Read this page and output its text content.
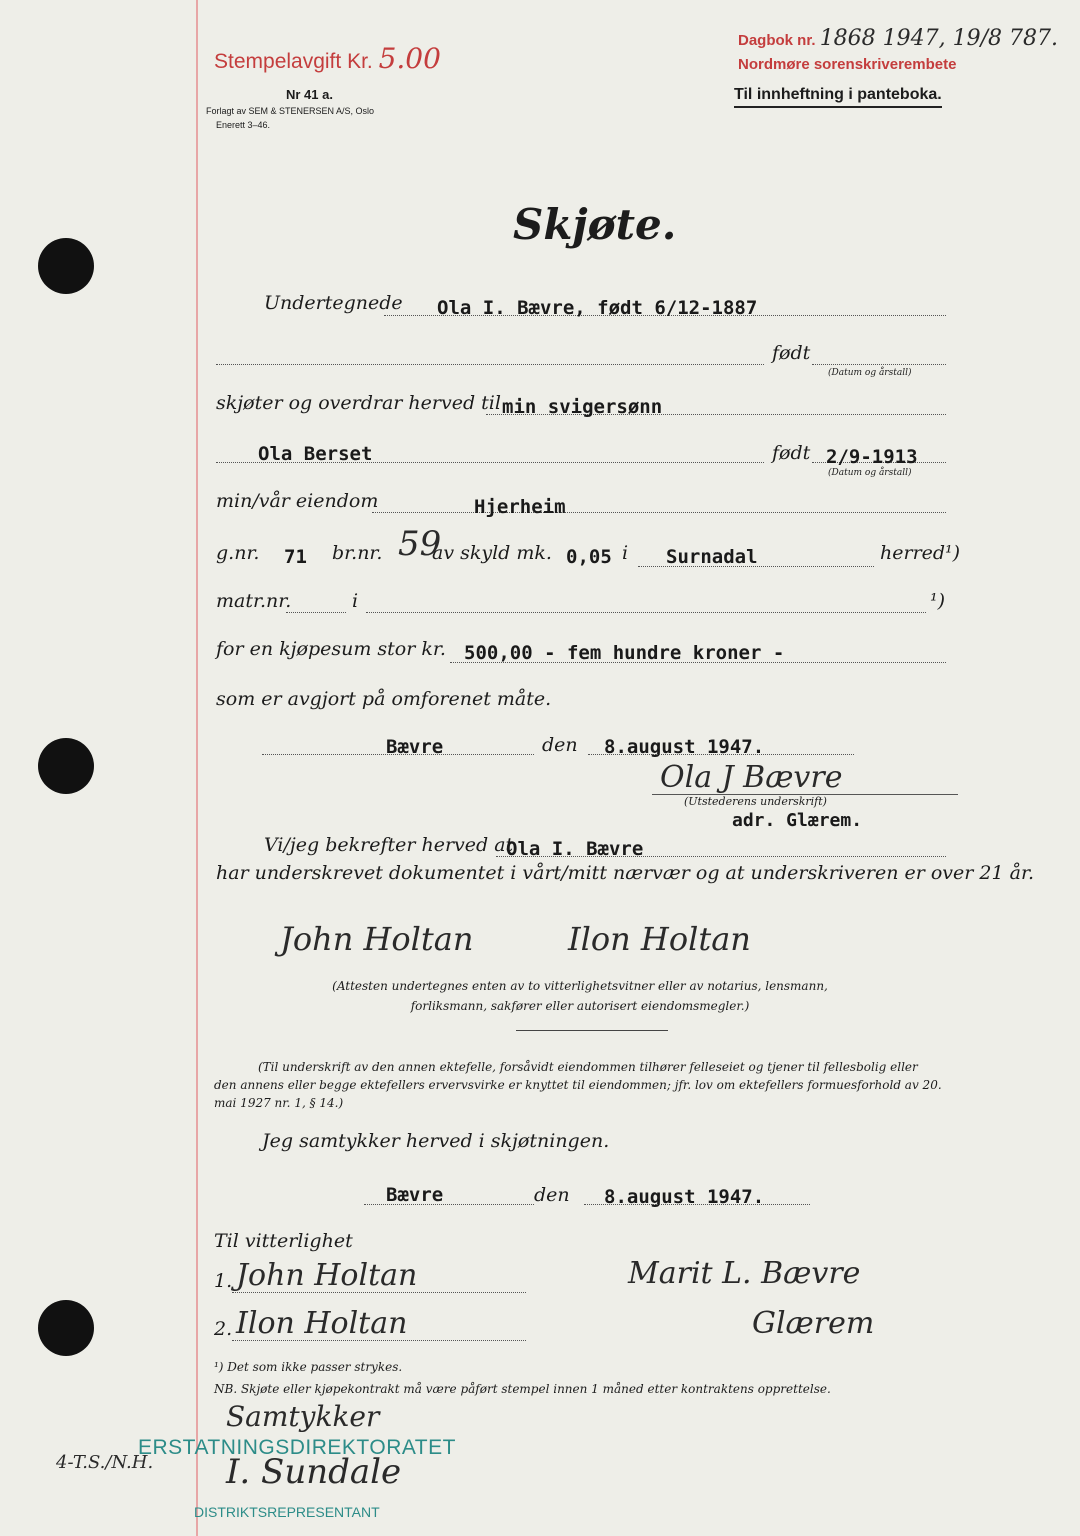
Stempelavgift Kr. 5.00
Nr 41 a.
Forlagt av SEM & STENERSEN A/S, Oslo
Enerett 3–46.
Dagbok nr. 1868 1947, 19/8 787.
Nordmøre sorenskriverembete
Til innheftning i panteboka.
Skjøte.
Undertegnede Ola I. Bævre, født 6/12-1887
født
(Datum og årstall)
skjøter og overdrar herved til min svigersønn
Ola Berset	født 2/9-1913
(Datum og årstall)
min/vår eiendom	Hjerheim
g.nr. 71 br.nr. 59
av skyld mk. 0,05 i Surnadal	herred¹)
matr.nr.	i	¹)
for en kjøpesum stor kr. 500,00 - fem hundre kroner -
som er avgjort på omforenet måte.
Bævre	den 8.august 1947.
Ola J Bævre
(Utstederens underskrift)
adr. Glærem.
Vi/jeg bekrefter herved at
Ola I. Bævre
har underskrevet dokumentet i vårt/mitt nærvær og at underskriveren er over 21 år.
John Holtan	Ilon Holtan
(Attesten undertegnes enten av to vitterlighetsvitner eller av notarius, lensmann, forliksmann, sakfører eller autorisert eiendomsmegler.)
(Til underskrift av den annen ektefelle, forsåvidt eiendommen tilhører felleseiet og tjener til fellesbolig eller den annens eller begge ektefellers ervervsvirke er knyttet til eiendommen; jfr. lov om ektefellers formuesforhold av 20. mai 1927 nr. 1, § 14.)
Jeg samtykker herved i skjøtningen.
Bævre	den 8.august 1947.
Til vitterlighet
1. John Holtan	Marit L. Bævre
2. Ilon Holtan	Glærem
¹) Det som ikke passer strykes.
NB. Skjøte eller kjøpekontrakt må være påført stempel innen 1 måned etter kontraktens opprettelse.
Samtykker
ERSTATNINGSDIREKTORATET
4-T.S./N.H. I. Sundale
DISTRIKTSREPRESENTANT
